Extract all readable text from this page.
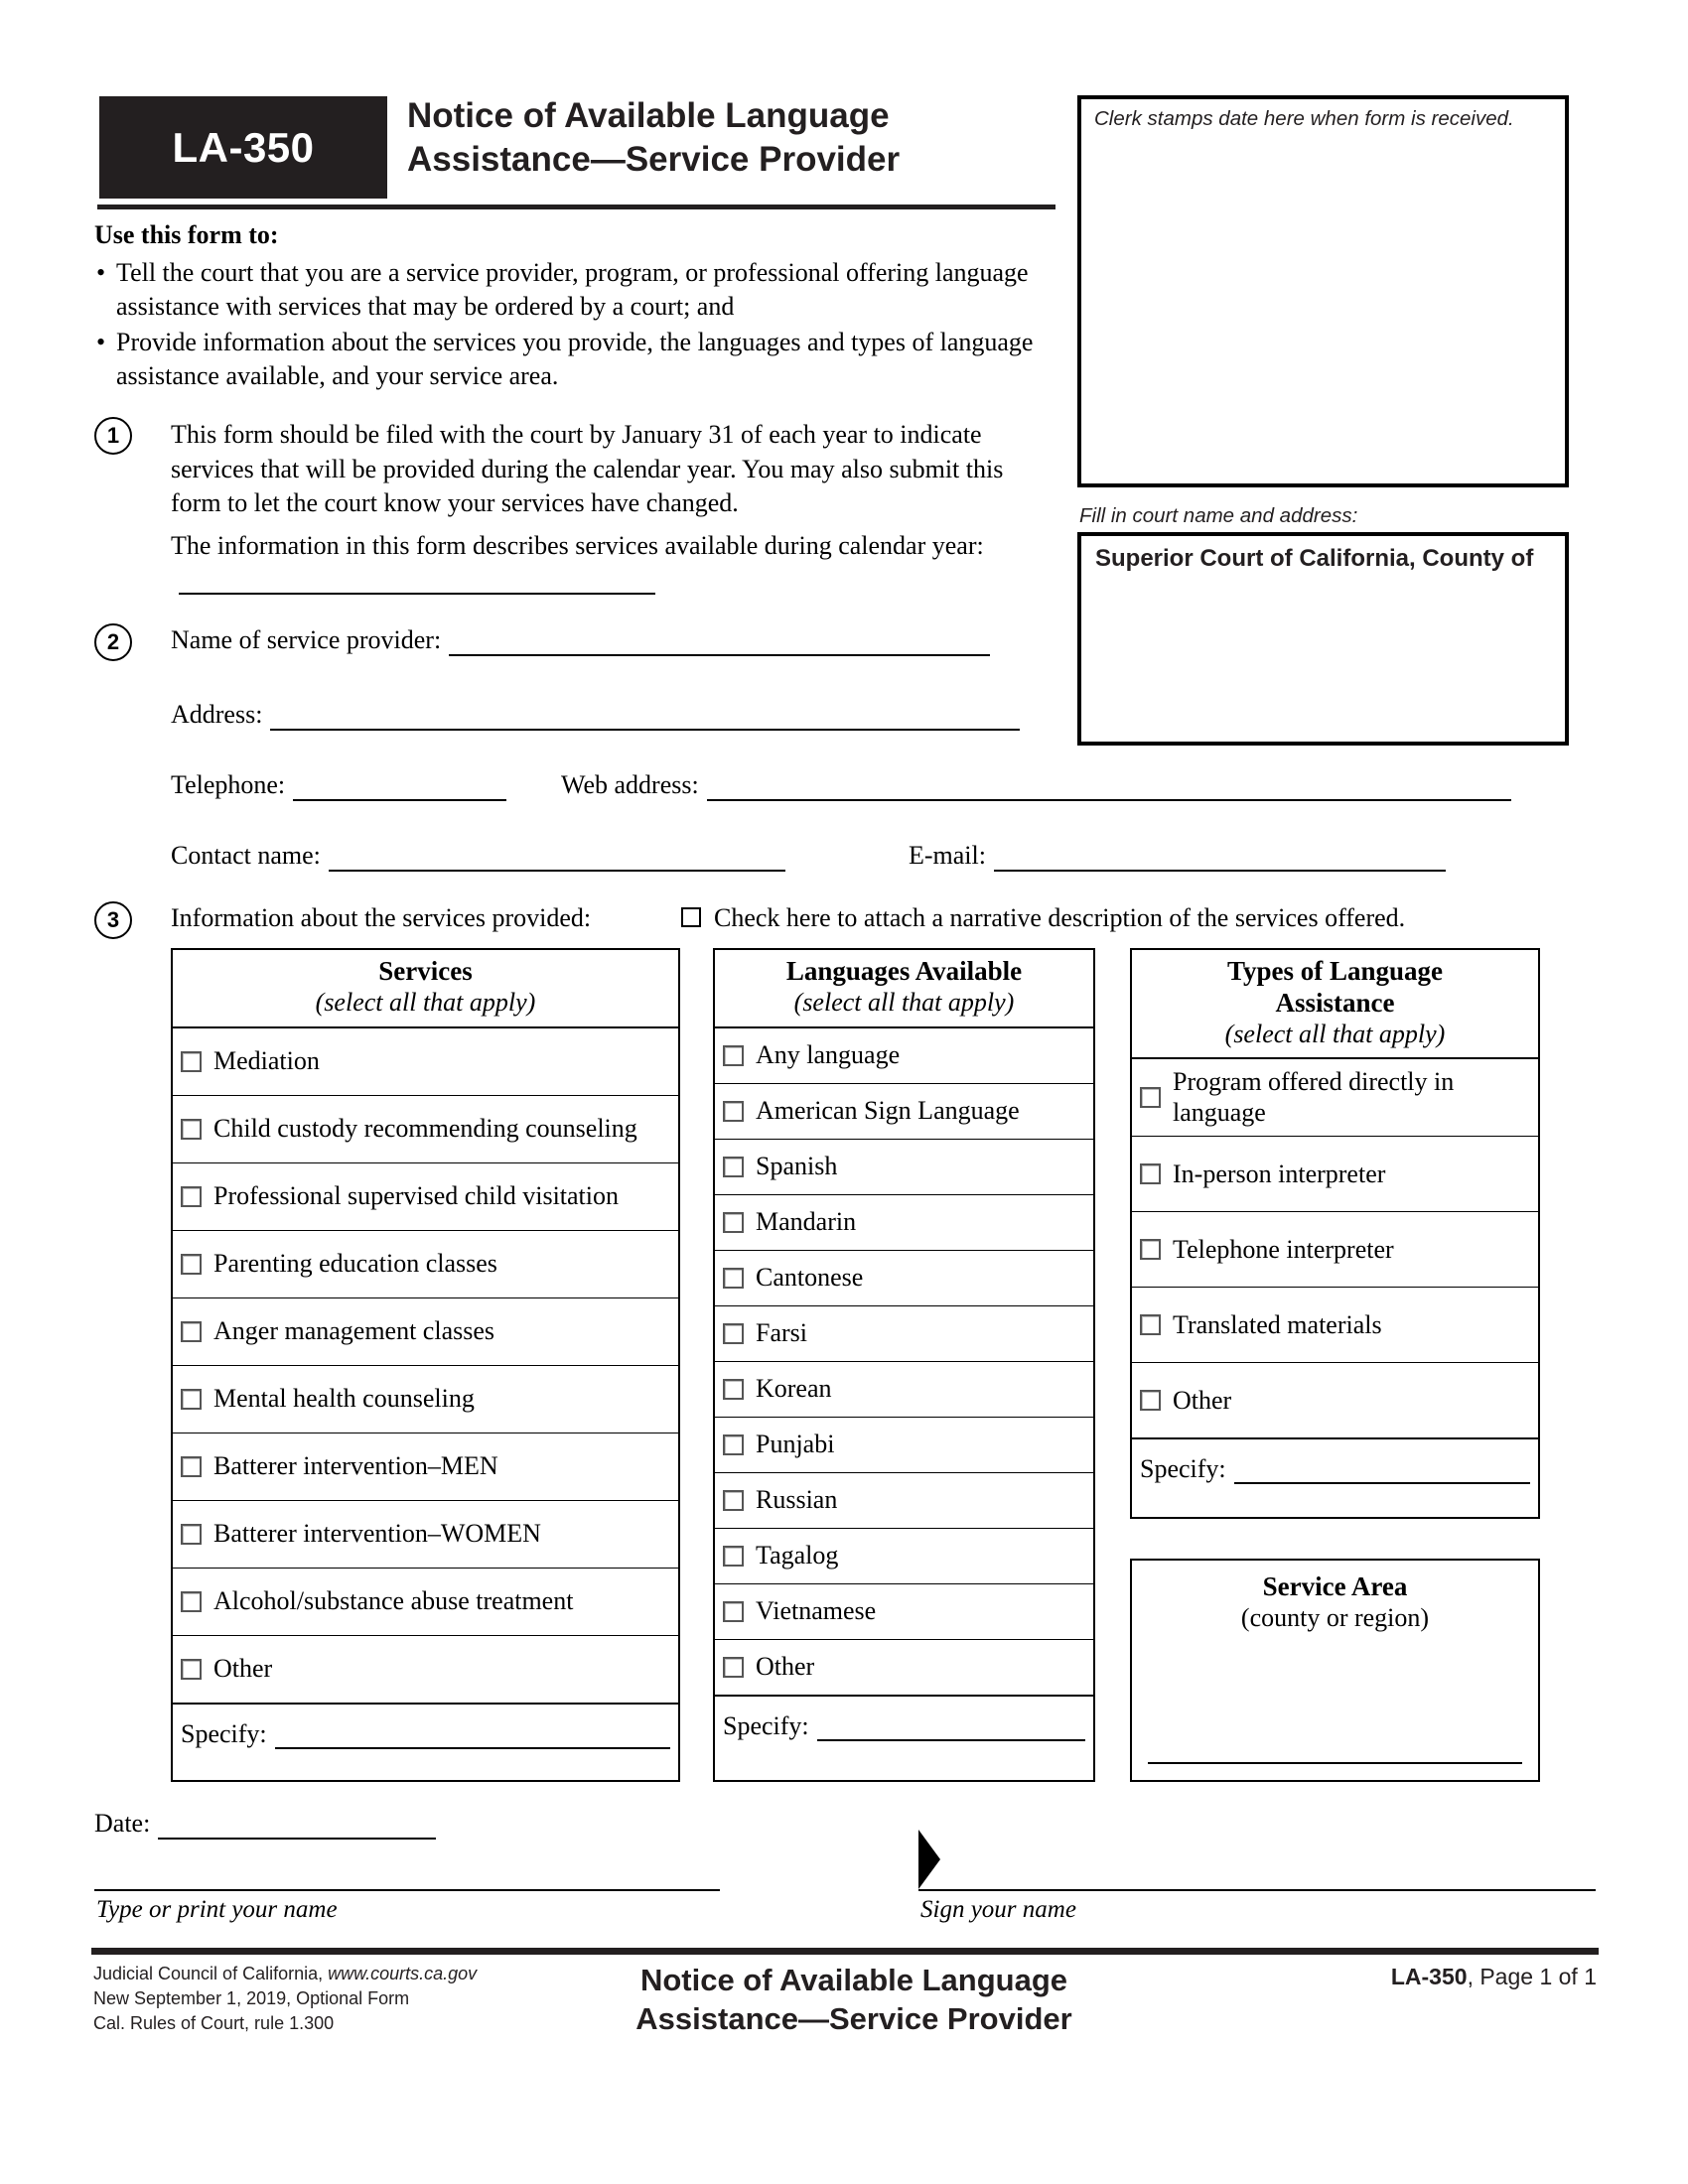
LA-350
Notice of Available Language
Assistance—Service Provider
Clerk stamps date here when form is received.
Fill in court name and address:
Superior Court of California, County of
Use this form to:
• Tell the court that you are a service provider, program, or professional offering language assistance with services that may be ordered by a court; and
• Provide information about the services you provide, the languages and types of language assistance available, and your service area.
1 This form should be filed with the court by January 31 of each year to indicate services that will be provided during the calendar year. You may also submit this form to let the court know your services have changed.
The information in this form describes services available during calendar year:
2 Name of service provider:
Address:
Telephone:	Web address:
Contact name:	E-mail:
3 Information about the services provided:	Check here to attach a narrative description of the services offered.
Services
(select all that apply)
Mediation
Child custody recommending counseling
Professional supervised child visitation
Parenting education classes
Anger management classes
Mental health counseling
Batterer intervention–MEN
Batterer intervention–WOMEN
Alcohol/substance abuse treatment
Other
Specify:
Languages Available
(select all that apply)
Any language
American Sign Language
Spanish
Mandarin
Cantonese
Farsi
Korean
Punjabi
Russian
Tagalog
Vietnamese
Other
Specify:
Types of Language
Assistance
(select all that apply)
Program offered directly in language
In-person interpreter
Telephone interpreter
Translated materials
Other
Specify:
Service Area
(county or region)
Date:
Type or print your name	Sign your name
Judicial Council of California, www.courts.ca.gov
New September 1, 2019, Optional Form
Cal. Rules of Court, rule 1.300
Notice of Available Language
Assistance—Service Provider
LA-350, Page 1 of 1
